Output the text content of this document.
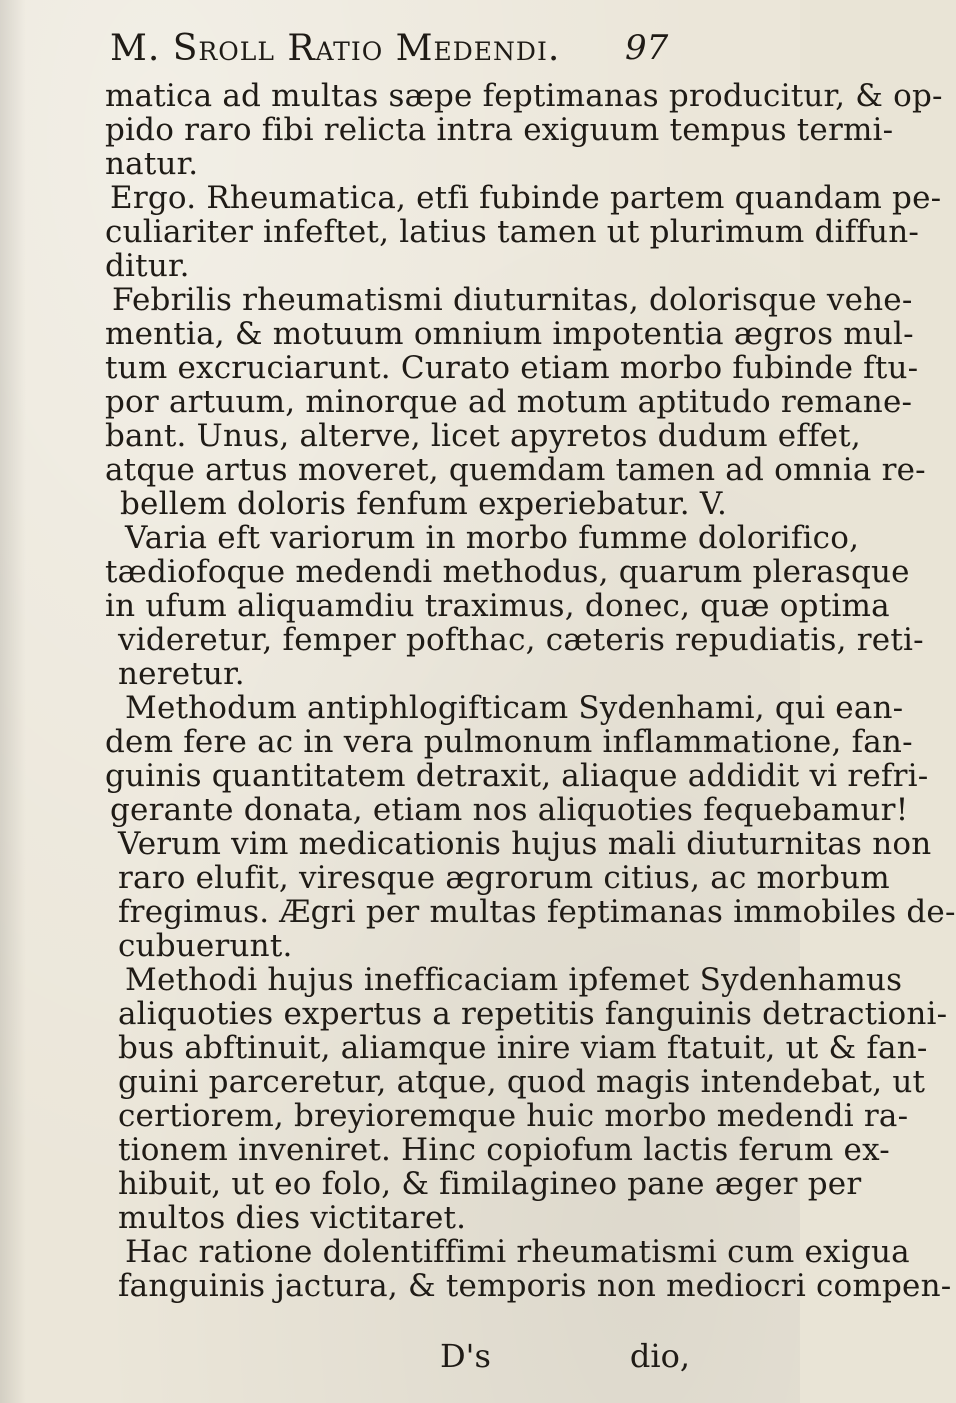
M. Sroll Ratio Medendi. 97
matica ad multas sæpe feptimanas producitur, & op-
pido raro fibi relicta intra exiguum tempus termi-
natur.
Ergo. Rheumatica, etfi fubinde partem quandam pe-
culiariter infeftet, latius tamen ut plurimum diffun-
ditur.
Febrilis rheumatismi diuturnitas, dolorisque vehe-
mentia, & motuum omnium impotentia ægros mul-
tum excruciarunt. Curato etiam morbo fubinde ftu-
por artuum, minorque ad motum aptitudo remane-
bant. Unus, alterve, licet apyretos dudum effet,
atque artus moveret, quemdam tamen ad omnia re-
bellem doloris fenfum experiebatur. V.
Varia eft variorum in morbo fumme dolorifico,
tædiofoque medendi methodus, quarum plerasque
in ufum aliquamdiu traximus, donec, quæ optima
videretur, femper pofthac, cæteris repudiatis, reti-
neretur.
Methodum antiphlogifticam Sydenhami, qui ean-
dem fere ac in vera pulmonum inflammatione, fan-
guinis quantitatem detraxit, aliaque addidit vi refri-
gerante donata, etiam nos aliquoties fequebamur!
Verum vim medicationis hujus mali diuturnitas non
raro elufit, viresque ægrorum citius, ac morbum
fregimus. Ægri per multas feptimanas immobiles de-
cubuerunt.
Methodi hujus inefficaciam ipfemet Sydenhamus
aliquoties expertus a repetitis fanguinis detractioni-
bus abftinuit, aliamque inire viam ftatuit, ut & fan-
guini parceretur, atque, quod magis intendebat, ut
certiorem, breyioremque huic morbo medendi ra-
tionem inveniret. Hinc copiofum lactis ferum ex-
hibuit, ut eo folo, & fimilagineo pane æger per
multos dies victitaret.
Hac ratione dolentiffimi rheumatismi cum exigua
fanguinis jactura, & temporis non mediocri compen-
D's	dio,
